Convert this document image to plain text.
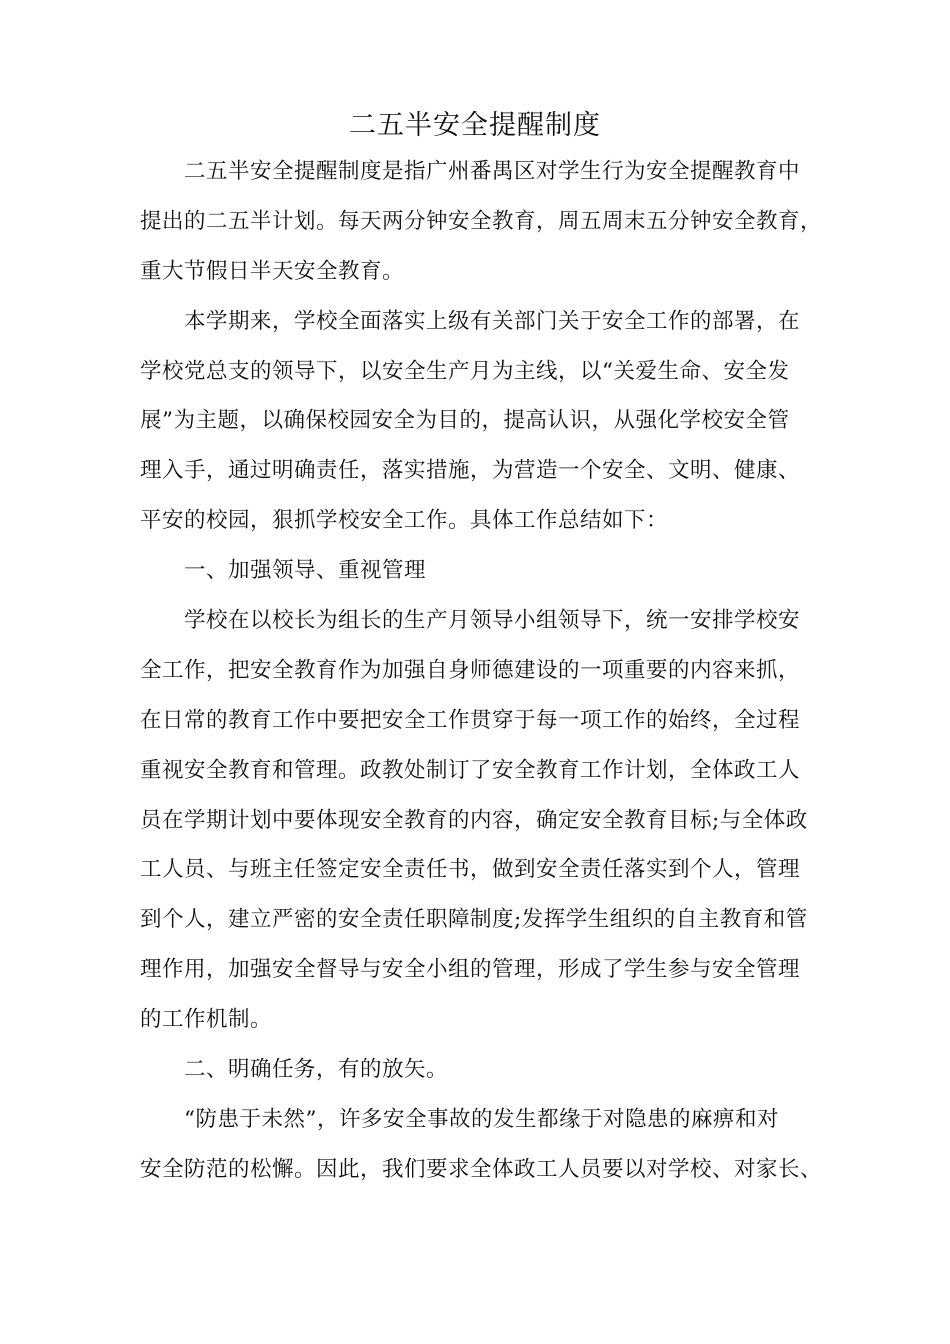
二五半安全提醒制度

二五半安全提醒制度是指广州番禺区对学生行为安全提醒教育中

提出的二五半计划。每天两分钟安全教育，周五周末五分钟安全教育，

重大节假日半天安全教育。

本学期来，学校全面落实上级有关部门关于安全工作的部署，在

学校党总支的领导下，以安全生产月为主线，以“关爱生命、安全发

展”为主题，以确保校园安全为目的，提高认识，从强化学校安全管

理入手，通过明确责任，落实措施，为营造一个安全、文明、健康、

平安的校园，狠抓学校安全工作。具体工作总结如下：

一、加强领导、重视管理

学校在以校长为组长的生产月领导小组领导下，统一安排学校安

全工作，把安全教育作为加强自身师德建设的一项重要的内容来抓，

在日常的教育工作中要把安全工作贯穿于每一项工作的始终，全过程

重视安全教育和管理。政教处制订了安全教育工作计划，全体政工人

员在学期计划中要体现安全教育的内容，确定安全教育目标;与全体政

工人员、与班主任签定安全责任书，做到安全责任落实到个人，管理

到个人，建立严密的安全责任职障制度;发挥学生组织的自主教育和管

理作用，加强安全督导与安全小组的管理，形成了学生参与安全管理

的工作机制。

二、明确任务，有的放矢。

“防患于未然”，许多安全事故的发生都缘于对隐患的麻痹和对

安全防范的松懈。因此，我们要求全体政工人员要以对学校、对家长、
